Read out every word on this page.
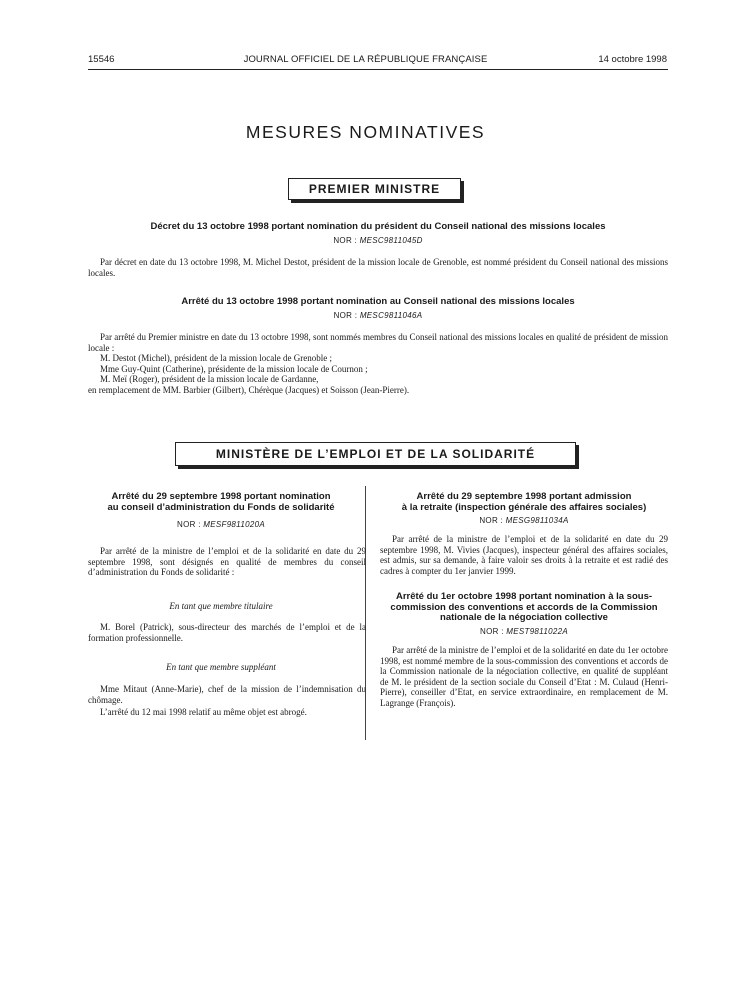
15546	JOURNAL OFFICIEL DE LA RÉPUBLIQUE FRANÇAISE	14 octobre 1998
MESURES NOMINATIVES
PREMIER MINISTRE
Décret du 13 octobre 1998 portant nomination du président du Conseil national des missions locales
NOR : MESC9811045D
Par décret en date du 13 octobre 1998, M. Michel Destot, président de la mission locale de Grenoble, est nommé président du Conseil national des missions locales.
Arrêté du 13 octobre 1998 portant nomination au Conseil national des missions locales
NOR : MESC9811046A
Par arrêté du Premier ministre en date du 13 octobre 1998, sont nommés membres du Conseil national des missions locales en qualité de président de mission locale :
M. Destot (Michel), président de la mission locale de Grenoble ;
Mme Guy-Quint (Catherine), présidente de la mission locale de Cournon ;
M. Meï (Roger), président de la mission locale de Gardanne,
en remplacement de MM. Barbier (Gilbert), Chérèque (Jacques) et Soisson (Jean-Pierre).
MINISTÈRE DE L’EMPLOI ET DE LA SOLIDARITÉ
Arrêté du 29 septembre 1998 portant nomination
au conseil d’administration du Fonds de solidarité
NOR : MESF9811020A
Par arrêté de la ministre de l’emploi et de la solidarité en date du 29 septembre 1998, sont désignés en qualité de membres du conseil d’administration du Fonds de solidarité :
En tant que membre titulaire
M. Borel (Patrick), sous-directeur des marchés de l’emploi et de la formation professionnelle.
En tant que membre suppléant
Mme Mitaut (Anne-Marie), chef de la mission de l’indemnisation du chômage.
L’arrêté du 12 mai 1998 relatif au même objet est abrogé.
Arrêté du 29 septembre 1998 portant admission
à la retraite (inspection générale des affaires sociales)
NOR : MESG9811034A
Par arrêté de la ministre de l’emploi et de la solidarité en date du 29 septembre 1998, M. Vivies (Jacques), inspecteur général des affaires sociales, est admis, sur sa demande, à faire valoir ses droits à la retraite et est radié des cadres à compter du 1er janvier 1999.
Arrêté du 1er octobre 1998 portant nomination à la sous-commission des conventions et accords de la Commission nationale de la négociation collective
NOR : MEST9811022A
Par arrêté de la ministre de l’emploi et de la solidarité en date du 1er octobre 1998, est nommé membre de la sous-commission des conventions et accords de la Commission nationale de la négociation collective, en qualité de suppléant de M. le président de la section sociale du Conseil d’Etat : M. Culaud (Henri-Pierre), conseiller d’Etat, en service extraordinaire, en remplacement de M. Lagrange (François).
